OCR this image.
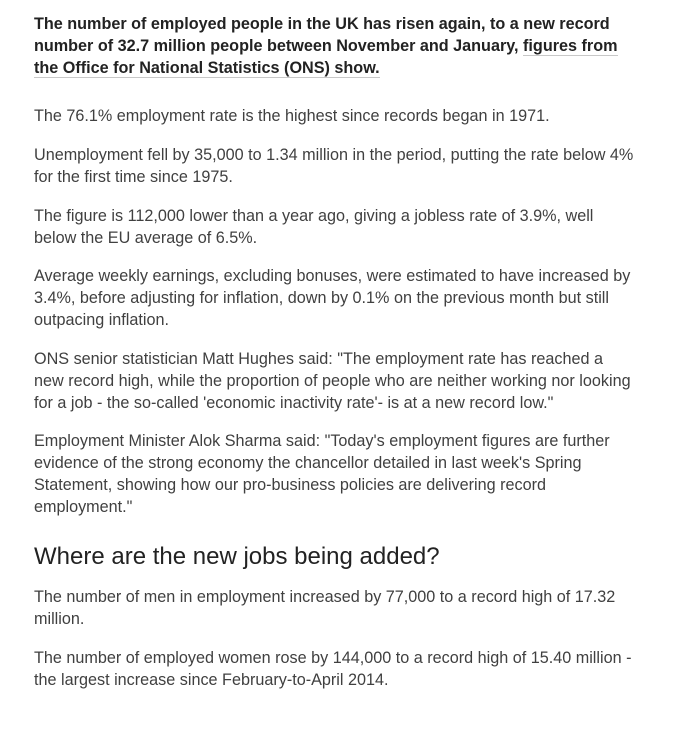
The number of employed people in the UK has risen again, to a new record number of 32.7 million people between November and January, figures from the Office for National Statistics (ONS) show.

The 76.1% employment rate is the highest since records began in 1971.

Unemployment fell by 35,000 to 1.34 million in the period, putting the rate below 4% for the first time since 1975.

The figure is 112,000 lower than a year ago, giving a jobless rate of 3.9%, well below the EU average of 6.5%.

Average weekly earnings, excluding bonuses, were estimated to have increased by 3.4%, before adjusting for inflation, down by 0.1% on the previous month but still outpacing inflation.

ONS senior statistician Matt Hughes said: "The employment rate has reached a new record high, while the proportion of people who are neither working nor looking for a job - the so-called 'economic inactivity rate'- is at a new record low."

Employment Minister Alok Sharma said: "Today's employment figures are further evidence of the strong economy the chancellor detailed in last week's Spring Statement, showing how our pro-business policies are delivering record employment."

Where are the new jobs being added?

The number of men in employment increased by 77,000 to a record high of 17.32 million.

The number of employed women rose by 144,000 to a record high of 15.40 million - the largest increase since February-to-April 2014.
